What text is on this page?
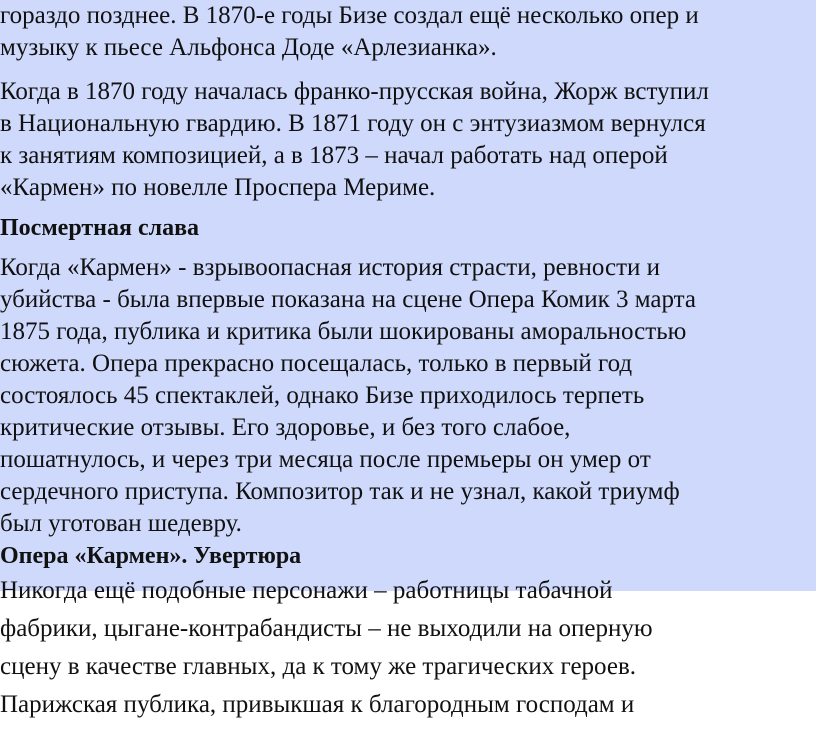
гораздо позднее. В 1870-е годы Бизе создал ещё несколько опер и
музыку к пьесе Альфонса Доде «Арлезианка».

Когда в 1870 году началась франко-прусская война, Жорж вступил
в Национальную гвардию. В 1871 году он с энтузиазмом вернулся
к занятиям композицией, а в 1873 – начал работать над оперой
«Кармен» по новелле Проспера Мериме.

Посмертная слава

Когда «Кармен» - взрывоопасная история страсти, ревности и
убийства - была впервые показана на сцене Опера Комик 3 марта
1875 года, публика и критика были шокированы аморальностью
сюжета. Опера прекрасно посещалась, только в первый год
состоялось 45 спектаклей, однако Бизе приходилось терпеть
критические отзывы. Его здоровье, и без того слабое,
пошатнулось, и через три месяца после премьеры он умер от
сердечного приступа. Композитор так и не узнал, какой триумф
был уготован шедевру.

Опера «Кармен». Увертюра

Никогда ещё подобные персонажи – работницы табачной
фабрики, цыгане-контрабандисты – не выходили на оперную
сцену в качестве главных, да к тому же трагических героев.
Парижская публика, привыкшая к благородным господам и
